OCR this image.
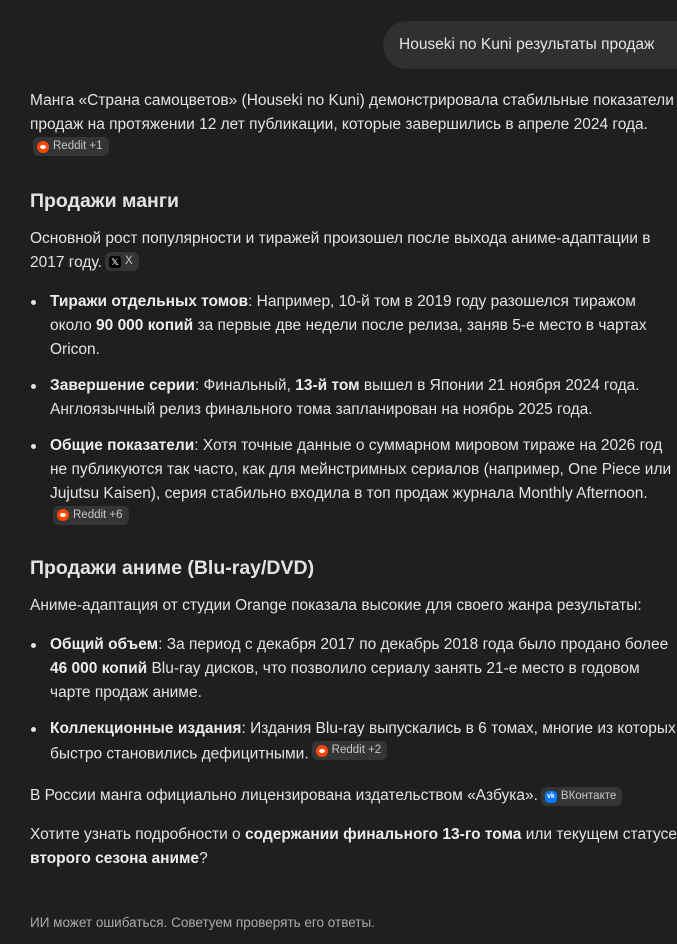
Houseki no Kuni результаты продаж

Манга «Страна самоцветов» (Houseki no Kuni) демонстрировала стабильные показатели продаж на протяжении 12 лет публикации, которые завершились в апреле 2024 года.
Reddit +1

Продажи манги

Основной рост популярности и тиражей произошел после выхода аниме-адаптации в 2017 году. 𝕏 X

Тиражи отдельных томов: Например, 10-й том в 2019 году разошелся тиражом около 90 000 копий за первые две недели после релиза, заняв 5-е место в чартах Oricon.
Завершение серии: Финальный, 13-й том вышел в Японии 21 ноября 2024 года. Англоязычный релиз финального тома запланирован на ноябрь 2025 года.
Общие показатели: Хотя точные данные о суммарном мировом тираже на 2026 год не публикуются так часто, как для мейнстримных сериалов (например, One Piece или Jujutsu Kaisen), серия стабильно входила в топ продаж журнала Monthly Afternoon.
Reddit +6
Продажи аниме (Blu-ray/DVD)

Аниме-адаптация от студии Orange показала высокие для своего жанра результаты:

Общий объем: За период с декабря 2017 по декабрь 2018 года было продано более 46 000 копий Blu-ray дисков, что позволило сериалу занять 21-е место в годовом чарте продаж аниме.
Коллекционные издания: Издания Blu-ray выпускались в 6 томах, многие из которых быстро становились дефицитными. Reddit +2

В России манга официально лицензирована издательством «Азбука». vk ВКонтакте

Хотите узнать подробности о содержании финального 13-го тома или текущем статусе второго сезона аниме?

ИИ может ошибаться. Советуем проверять его ответы.
